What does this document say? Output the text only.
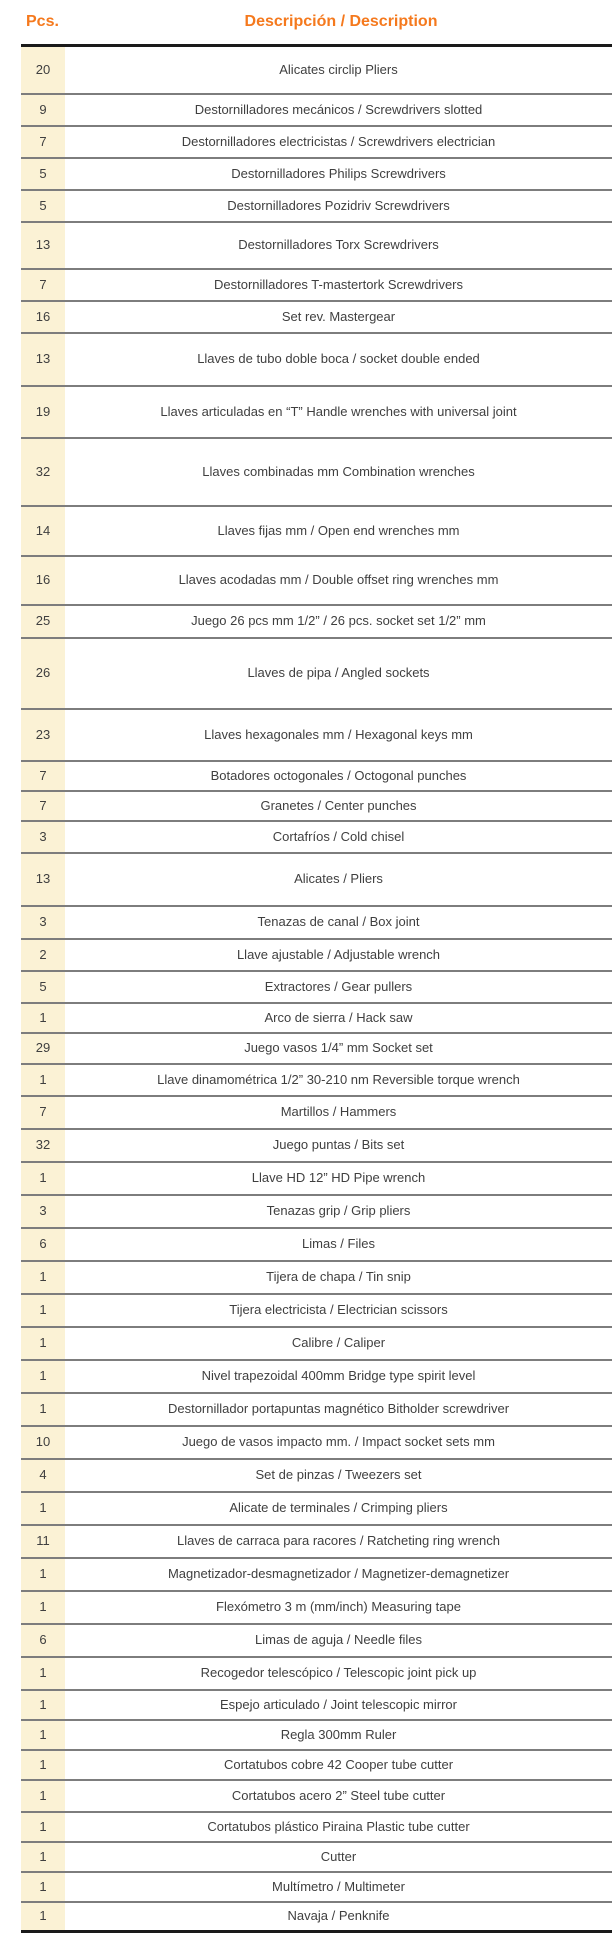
Pcs.	Descripción / Description
20	Alicates circlip Pliers
9	Destornilladores mecánicos / Screwdrivers slotted
7	Destornilladores electricistas / Screwdrivers electrician
5	Destornilladores Philips Screwdrivers
5	Destornilladores Pozidriv Screwdrivers
13	Destornilladores Torx Screwdrivers
7	Destornilladores T-mastertork Screwdrivers
16	Set rev. Mastergear
13	Llaves de tubo doble boca / socket double ended
19	Llaves articuladas en “T” Handle wrenches with universal joint
32	Llaves combinadas mm Combination wrenches
14	Llaves fijas mm / Open end wrenches mm
16	Llaves acodadas mm / Double offset ring wrenches mm
25	Juego 26 pcs mm 1/2” / 26 pcs. socket set 1/2” mm
26	Llaves de pipa / Angled sockets
23	Llaves hexagonales mm / Hexagonal keys mm
7	Botadores octogonales / Octogonal punches
7	Granetes / Center punches
3	Cortafríos / Cold chisel
13	Alicates / Pliers
3	Tenazas de canal / Box joint
2	Llave ajustable / Adjustable wrench
5	Extractores / Gear pullers
1	Arco de sierra / Hack saw
29	Juego vasos 1/4” mm Socket set
1	Llave dinamométrica 1/2” 30-210 nm Reversible torque wrench
7	Martillos / Hammers
32	Juego puntas / Bits set
1	Llave HD 12” HD Pipe wrench
3	Tenazas grip / Grip pliers
6	Limas / Files
1	Tijera de chapa / Tin snip
1	Tijera electricista / Electrician scissors
1	Calibre / Caliper
1	Nivel trapezoidal 400mm Bridge type spirit level
1	Destornillador portapuntas magnético Bitholder screwdriver
10	Juego de vasos impacto mm. / Impact socket sets mm
4	Set de pinzas / Tweezers set
1	Alicate de terminales / Crimping pliers
11	Llaves de carraca para racores / Ratcheting ring wrench
1	Magnetizador-desmagnetizador / Magnetizer-demagnetizer
1	Flexómetro 3 m (mm/inch) Measuring tape
6	Limas de aguja / Needle files
1	Recogedor telescópico / Telescopic joint pick up
1	Espejo articulado / Joint telescopic mirror
1	Regla 300mm Ruler
1	Cortatubos cobre 42 Cooper tube cutter
1	Cortatubos acero 2” Steel tube cutter
1	Cortatubos plástico Piraina Plastic tube cutter
1	Cutter
1	Multímetro / Multimeter
1	Navaja / Penknife
